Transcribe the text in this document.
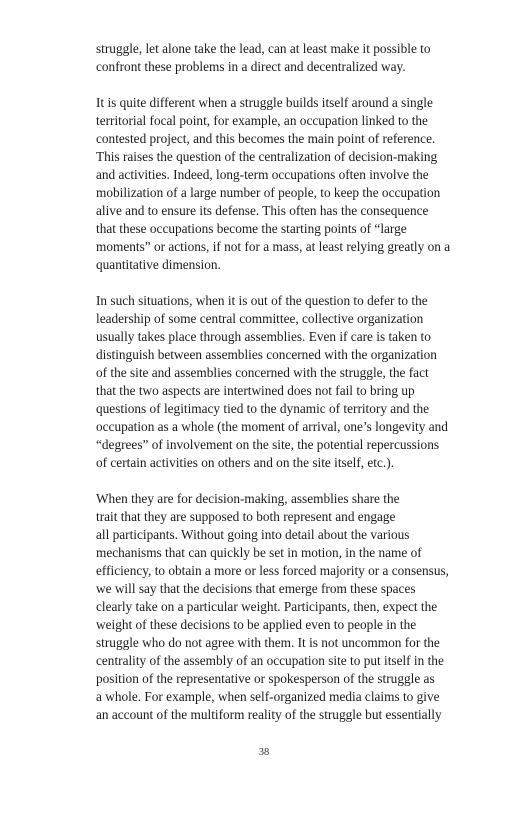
struggle, let alone take the lead, can at least make it possible to
confront these problems in a direct and decentralized way.

It is quite different when a struggle builds itself around a single
territorial focal point, for example, an occupation linked to the
contested project, and this becomes the main point of reference.
This raises the question of the centralization of decision-making
and activities. Indeed, long-term occupations often involve the
mobilization of a large number of people, to keep the occupation
alive and to ensure its defense. This often has the consequence
that these occupations become the starting points of “large
moments” or actions, if not for a mass, at least relying greatly on a
quantitative dimension.

In such situations, when it is out of the question to defer to the
leadership of some central committee, collective organization
usually takes place through assemblies. Even if care is taken to
distinguish between assemblies concerned with the organization
of the site and assemblies concerned with the struggle, the fact
that the two aspects are intertwined does not fail to bring up
questions of legitimacy tied to the dynamic of territory and the
occupation as a whole (the moment of arrival, one’s longevity and
“degrees” of involvement on the site, the potential repercussions
of certain activities on others and on the site itself, etc.).

When they are for decision-making, assemblies share the
trait that they are supposed to both represent and engage
all participants. Without going into detail about the various
mechanisms that can quickly be set in motion, in the name of
efficiency, to obtain a more or less forced majority or a consensus,
we will say that the decisions that emerge from these spaces
clearly take on a particular weight. Participants, then, expect the
weight of these decisions to be applied even to people in the
struggle who do not agree with them. It is not uncommon for the
centrality of the assembly of an occupation site to put itself in the
position of the representative or spokesperson of the struggle as
a whole. For example, when self-organized media claims to give
an account of the multiform reality of the struggle but essentially

38
